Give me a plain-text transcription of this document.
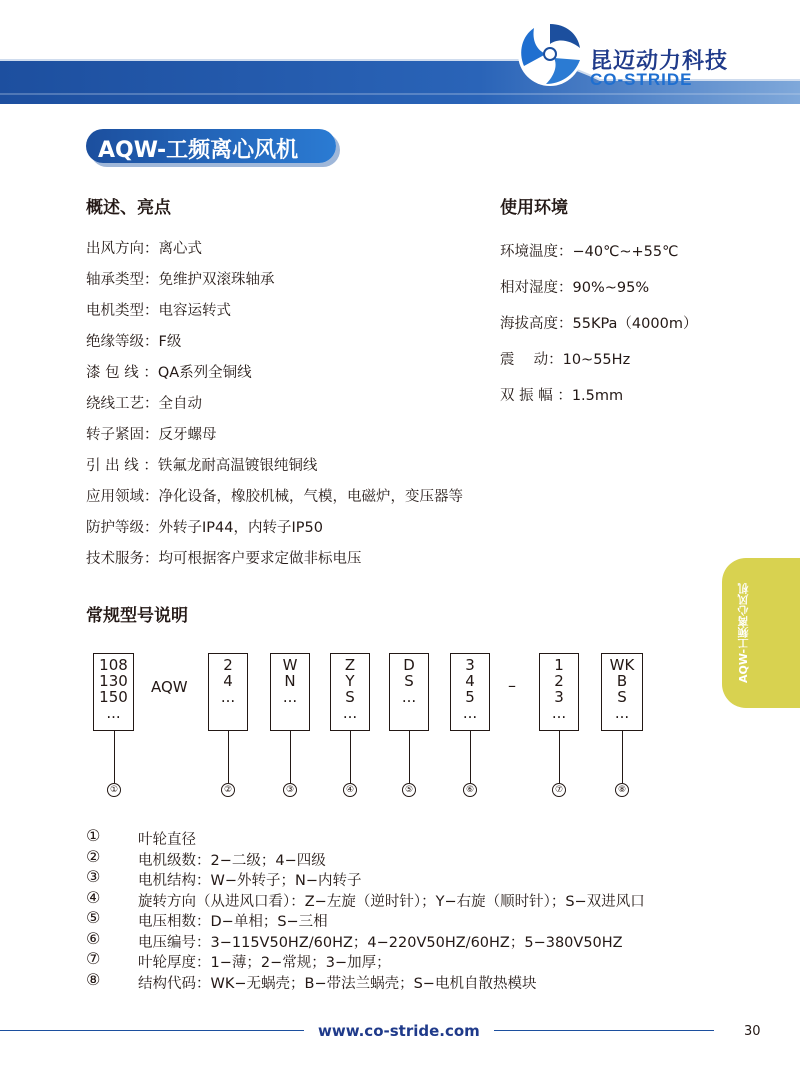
昆迈动力科技
CO-STRIDE
AQW-工频离心风机
概述、亮点
出风方向：离心式
轴承类型：免维护双滚珠轴承
电机类型：电容运转式
绝缘等级：F级
漆 包 线 ：QA系列全铜线
绕线工艺：全自动
转子紧固：反牙螺母
引 出 线 ：铁氟龙耐高温镀银纯铜线
应用领域：净化设备，橡胶机械，气模，电磁炉，变压器等
防护等级：外转子IP44，内转子IP50
技术服务：均可根据客户要求定做非标电压
使用环境
环境温度：−40℃~+55℃
相对湿度：90%~95%
海拔高度：55KPa（4000m）
震　 动：10~55Hz
双 振 幅 ：1.5mm
AQW-工频离心风机
常规型号说明
AQW	–
108
130
150
...
①
2
4
...
②
W
N
...
③
Z
Y
S
...
④
D
S
...
⑤
3
4
5
...
⑥
1
2
3
...
⑦
WK
B
S
...
⑧
①	叶轮直径
②	电机级数：2−二级；4−四级
③	电机结构：W−外转子；N−内转子
④	旋转方向（从进风口看）：Z−左旋（逆时针）；Y−右旋（顺时针）；S−双进风口
⑤	电压相数：D−单相；S−三相
⑥	电压编号：3−115V50HZ/60HZ；4−220V50HZ/60HZ；5−380V50HZ
⑦	叶轮厚度：1−薄；2−常规；3−加厚；
⑧	结构代码：WK−无蜗壳；B−带法兰蜗壳；S−电机自散热模块
www.co-stride.com	30
